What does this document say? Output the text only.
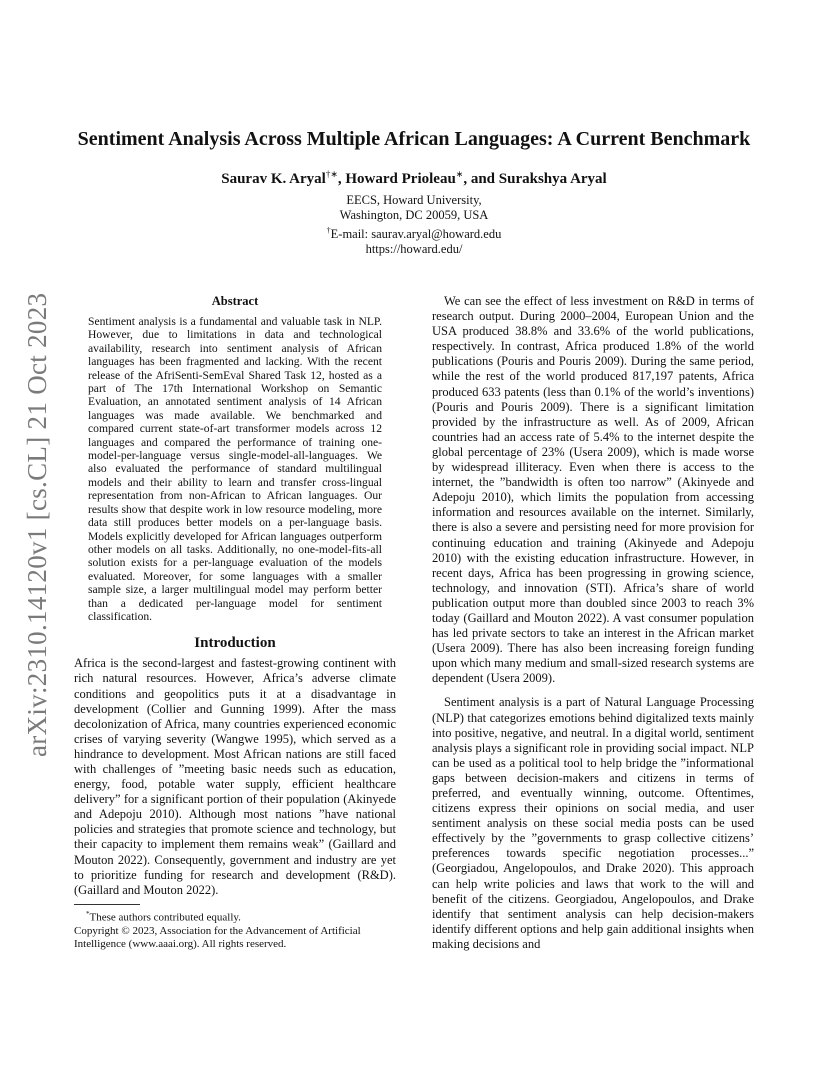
arXiv:2310.14120v1 [cs.CL] 21 Oct 2023
Sentiment Analysis Across Multiple African Languages: A Current Benchmark
Saurav K. Aryal†∗, Howard Prioleau∗, and Surakshya Aryal
EECS, Howard University,
Washington, DC 20059, USA
†E-mail: saurav.aryal@howard.edu
https://howard.edu/
Abstract

Sentiment analysis is a fundamental and valuable task in NLP. However, due to limitations in data and technological availability, research into sentiment analysis of African languages has been fragmented and lacking. With the recent release of the AfriSenti-SemEval Shared Task 12, hosted as a part of The 17th International Workshop on Semantic Evaluation, an annotated sentiment analysis of 14 African languages was made available. We benchmarked and compared current state-of-art transformer models across 12 languages and compared the performance of training one-model-per-language versus single-model-all-languages. We also evaluated the performance of standard multilingual models and their ability to learn and transfer cross-lingual representation from non-African to African languages. Our results show that despite work in low resource modeling, more data still produces better models on a per-language basis. Models explicitly developed for African languages outperform other models on all tasks. Additionally, no one-model-fits-all solution exists for a per-language evaluation of the models evaluated. Moreover, for some languages with a smaller sample size, a larger multilingual model may perform better than a dedicated per-language model for sentiment classification.

Introduction

Africa is the second-largest and fastest-growing continent with rich natural resources. However, Africa’s adverse climate conditions and geopolitics puts it at a disadvantage in development (Collier and Gunning 1999). After the mass decolonization of Africa, many countries experienced economic crises of varying severity (Wangwe 1995), which served as a hindrance to development. Most African nations are still faced with challenges of ”meeting basic needs such as education, energy, food, potable water supply, efficient healthcare delivery” for a significant portion of their population (Akinyede and Adepoju 2010). Although most nations ”have national policies and strategies that promote science and technology, but their capacity to implement them remains weak” (Gaillard and Mouton 2022). Consequently, government and industry are yet to prioritize funding for research and development (R&D). (Gaillard and Mouton 2022).

*These authors contributed equally.

Copyright © 2023, Association for the Advancement of Artificial Intelligence (www.aaai.org). All rights reserved.

We can see the effect of less investment on R&D in terms of research output. During 2000–2004, European Union and the USA produced 38.8% and 33.6% of the world publications, respectively. In contrast, Africa produced 1.8% of the world publications (Pouris and Pouris 2009). During the same period, while the rest of the world produced 817,197 patents, Africa produced 633 patents (less than 0.1% of the world’s inventions) (Pouris and Pouris 2009). There is a significant limitation provided by the infrastructure as well. As of 2009, African countries had an access rate of 5.4% to the internet despite the global percentage of 23% (Usera 2009), which is made worse by widespread illiteracy. Even when there is access to the internet, the ”bandwidth is often too narrow” (Akinyede and Adepoju 2010), which limits the population from accessing information and resources available on the internet. Similarly, there is also a severe and persisting need for more provision for continuing education and training (Akinyede and Adepoju 2010) with the existing education infrastructure. However, in recent days, Africa has been progressing in growing science, technology, and innovation (STI). Africa’s share of world publication output more than doubled since 2003 to reach 3% today (Gaillard and Mouton 2022). A vast consumer population has led private sectors to take an interest in the African market (Usera 2009). There has also been increasing foreign funding upon which many medium and small-sized research systems are dependent (Usera 2009).

Sentiment analysis is a part of Natural Language Processing (NLP) that categorizes emotions behind digitalized texts mainly into positive, negative, and neutral. In a digital world, sentiment analysis plays a significant role in providing social impact. NLP can be used as a political tool to help bridge the ”informational gaps between decision-makers and citizens in terms of preferred, and eventually winning, outcome. Oftentimes, citizens express their opinions on social media, and user sentiment analysis on these social media posts can be used effectively by the ”governments to grasp collective citizens’ preferences towards specific negotiation processes...” (Georgiadou, Angelopoulos, and Drake 2020). This approach can help write policies and laws that work to the will and benefit of the citizens. Georgiadou, Angelopoulos, and Drake identify that sentiment analysis can help decision-makers identify different options and help gain additional insights when making decisions and
